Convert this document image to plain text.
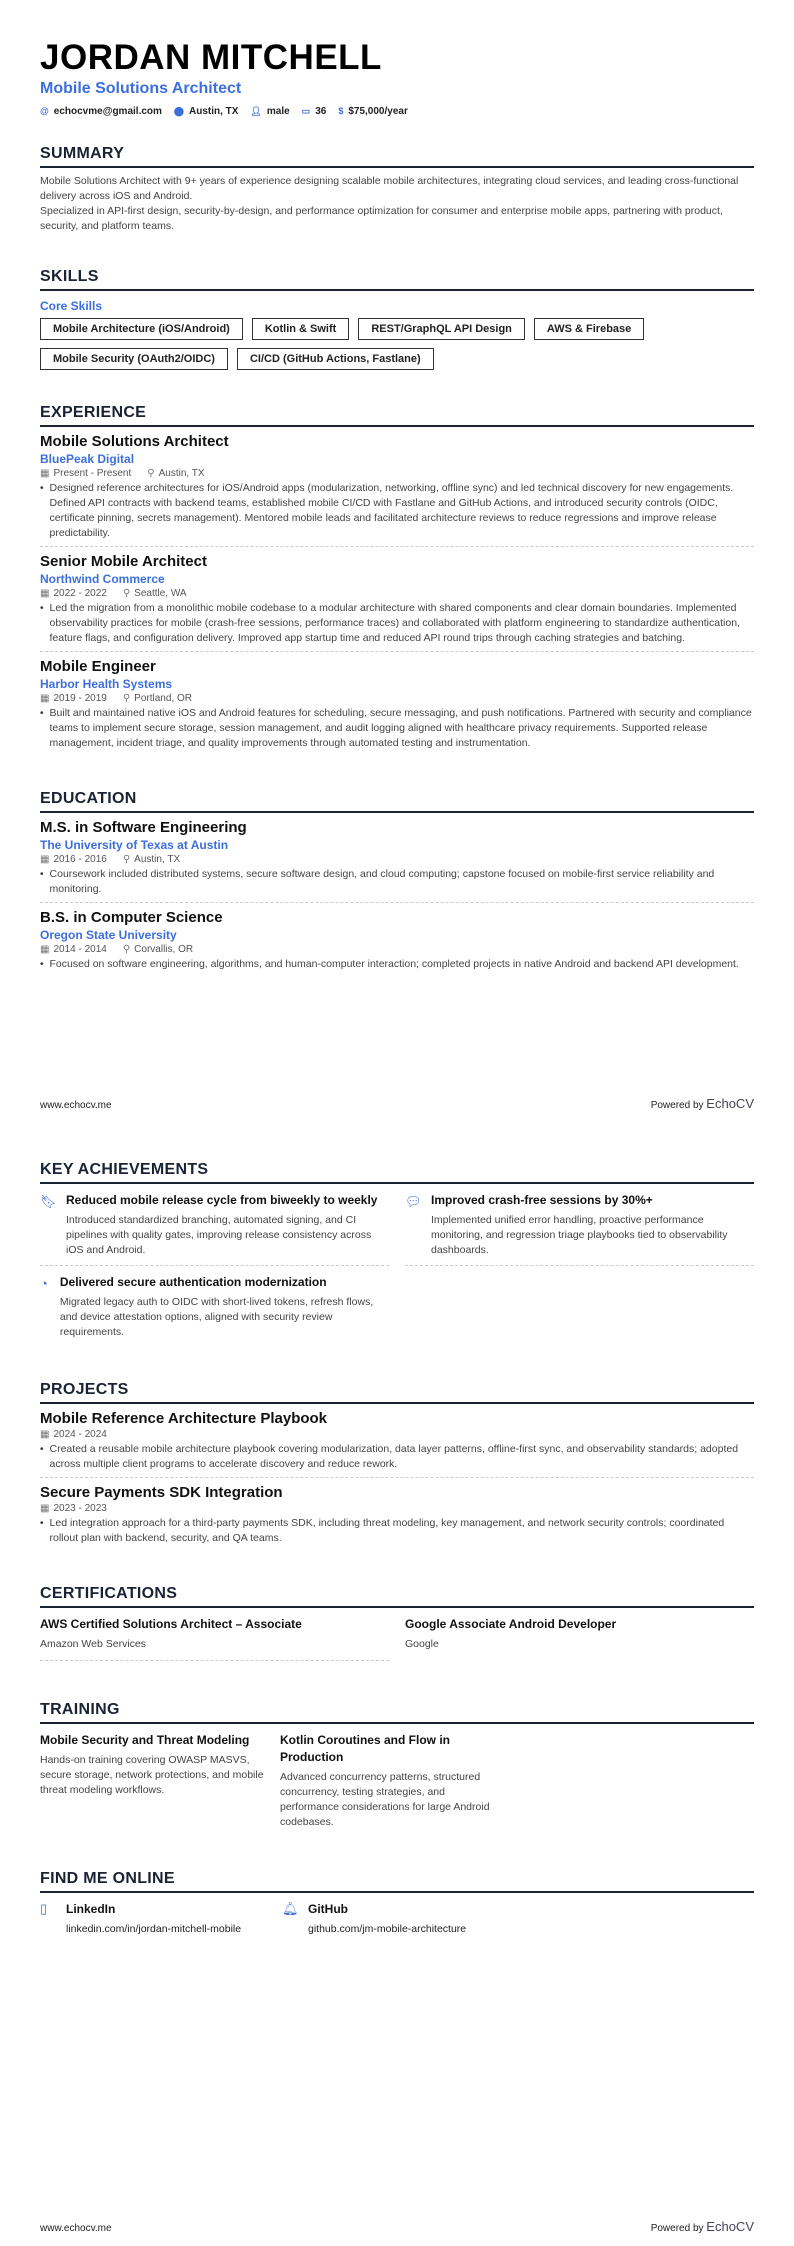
JORDAN MITCHELL
Mobile Solutions Architect
@ echocvme@gmail.com ⬤ Austin, TX 👤︎ male ▭ 36 $ $75,000/year
SUMMARY

Mobile Solutions Architect with 9+ years of experience designing scalable mobile architectures, integrating cloud services, and leading cross-functional delivery across iOS and Android.

Specialized in API-first design, security-by-design, and performance optimization for consumer and enterprise mobile apps, partnering with product, security, and platform teams.

SKILLS
Core Skills
Mobile Architecture (iOS/Android)	Kotlin & Swift	REST/GraphQL API Design	AWS & Firebase
Mobile Security (OAuth2/OIDC)	CI/CD (GitHub Actions, Fastlane)
EXPERIENCE
Mobile Solutions Architect
BluePeak Digital
▦ Present - Present ⚲ Austin, TX
• Designed reference architectures for iOS/Android apps (modularization, networking, offline sync) and led technical discovery for new engagements. Defined API contracts with backend teams, established mobile CI/CD with Fastlane and GitHub Actions, and introduced security controls (OIDC, certificate pinning, secrets management). Mentored mobile leads and facilitated architecture reviews to reduce regressions and improve release predictability.
Senior Mobile Architect
Northwind Commerce
▦ 2022 - 2022 ⚲ Seattle, WA
• Led the migration from a monolithic mobile codebase to a modular architecture with shared components and clear domain boundaries. Implemented observability practices for mobile (crash-free sessions, performance traces) and collaborated with platform engineering to standardize authentication, feature flags, and configuration delivery. Improved app startup time and reduced API round trips through caching strategies and batching.
Mobile Engineer
Harbor Health Systems
▦ 2019 - 2019 ⚲ Portland, OR
• Built and maintained native iOS and Android features for scheduling, secure messaging, and push notifications. Partnered with security and compliance teams to implement secure storage, session management, and audit logging aligned with healthcare privacy requirements. Supported release management, incident triage, and quality improvements through automated testing and instrumentation.
EDUCATION
M.S. in Software Engineering
The University of Texas at Austin
▦ 2016 - 2016 ⚲ Austin, TX
• Coursework included distributed systems, secure software design, and cloud computing; capstone focused on mobile-first service reliability and monitoring.
B.S. in Computer Science
Oregon State University
▦ 2014 - 2014 ⚲ Corvallis, OR
• Focused on software engineering, algorithms, and human-computer interaction; completed projects in native Android and backend API development.
www.echocv.me	Powered by EchoCV
KEY ACHIEVEMENTS
🔖︎ Reduced mobile release cycle from biweekly to weekly

Introduced standardized branching, automated signing, and CI pipelines with quality gates, improving release consistency across iOS and Android.

💬︎ Improved crash-free sessions by 30%+

Implemented unified error handling, proactive performance monitoring, and regression triage playbooks tied to observability dashboards.

◔ Delivered secure authentication modernization

Migrated legacy auth to OIDC with short-lived tokens, refresh flows, and device attestation options, aligned with security review requirements.

PROJECTS
Mobile Reference Architecture Playbook
▦ 2024 - 2024
• Created a reusable mobile architecture playbook covering modularization, data layer patterns, offline-first sync, and observability standards; adopted across multiple client programs to accelerate discovery and reduce rework.
Secure Payments SDK Integration
▦ 2023 - 2023
• Led integration approach for a third-party payments SDK, including threat modeling, key management, and network security controls; coordinated rollout plan with backend, security, and QA teams.
CERTIFICATIONS
AWS Certified Solutions Architect – Associate

Amazon Web Services

Google Associate Android Developer

Google

TRAINING
Mobile Security and Threat Modeling

Hands-on training covering OWASP MASVS, secure storage, network protections, and mobile threat modeling workflows.

Kotlin Coroutines and Flow in Production

Advanced concurrency patterns, structured concurrency, testing strategies, and performance considerations for large Android codebases.

FIND ME ONLINE
▯	LinkedIn

linkedin.com/in/jordan-mitchell-mobile

🔔︎ GitHub

github.com/jm-mobile-architecture

www.echocv.me	Powered by EchoCV
